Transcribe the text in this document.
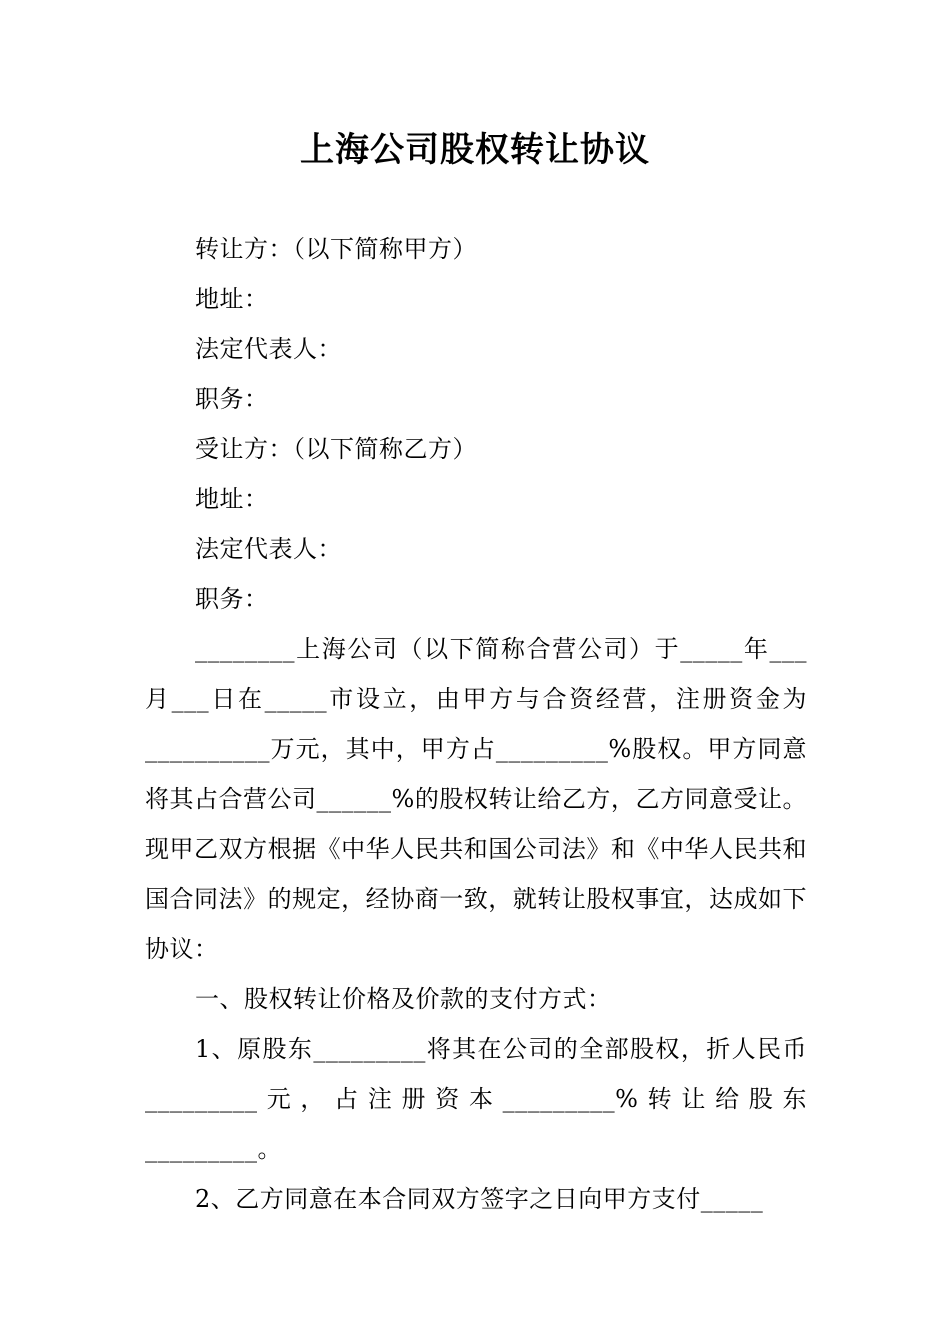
上海公司股权转让协议

转让方：（以下简称甲方）

地址：

法定代表人：

职务：

受让方：（以下简称乙方）

地址：

法定代表人：

职务：

________上海公司（以下简称合营公司）于_____年___月___日在_____市设立，由甲方与合资经营，注册资金为__________万元，其中，甲方占_________%股权。甲方同意将其占合营公司______%的股权转让给乙方，乙方同意受让。现甲乙双方根据《中华人民共和国公司法》和《中华人民共和国合同法》的规定，经协商一致，就转让股权事宜，达成如下协议：

一、股权转让价格及价款的支付方式：

1、原股东_________将其在公司的全部股权，折人民币_________元，占注册资本_________%转让给股东_________。

2、乙方同意在本合同双方签字之日向甲方支付_____
